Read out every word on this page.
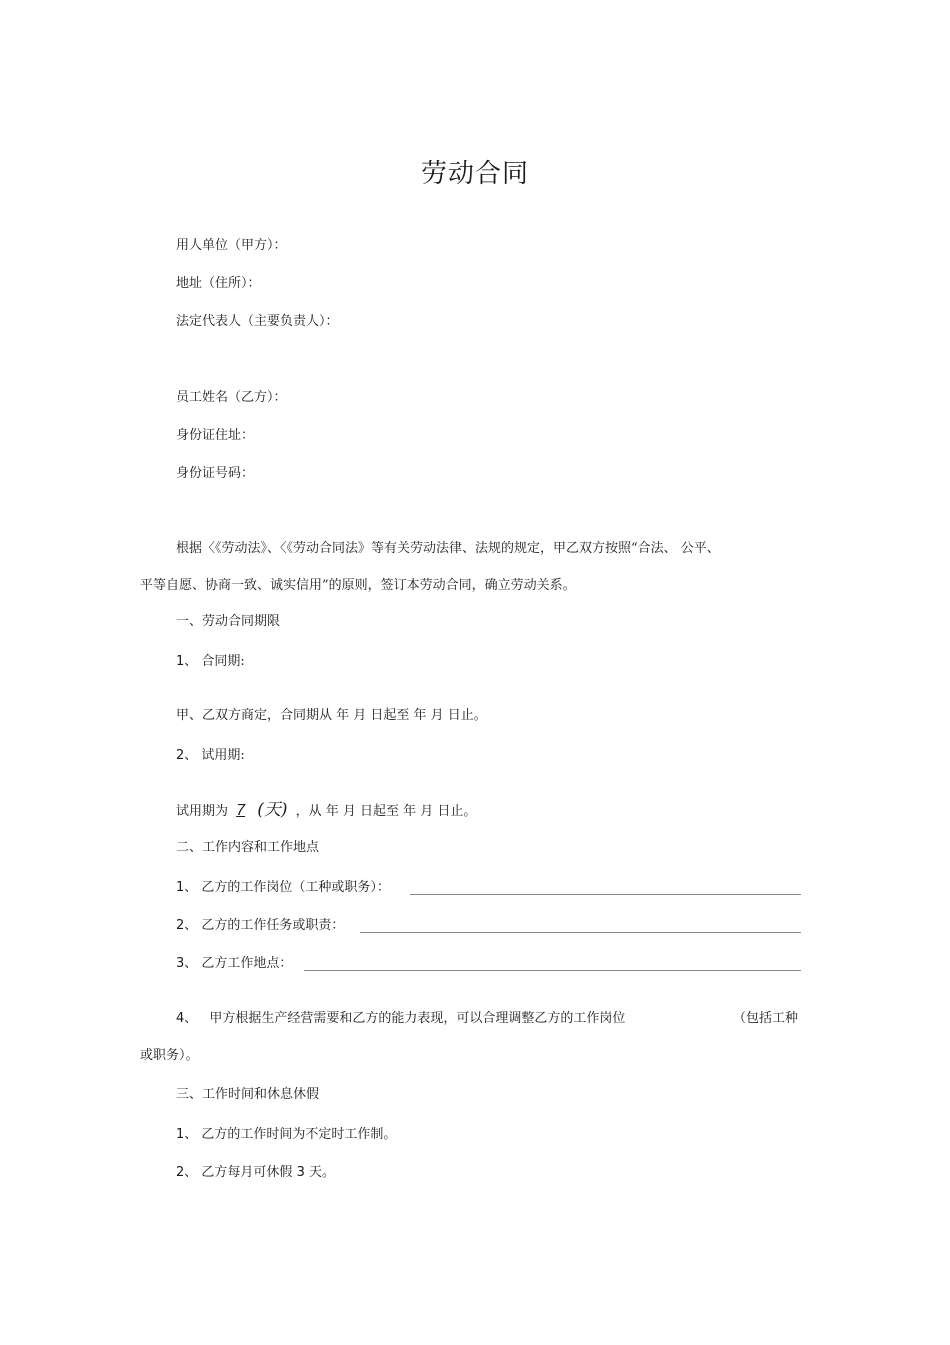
劳动合同
用人单位（甲方）：
地址（住所）：
法定代表人（主要负责人）：
员工姓名（乙方）：
身份证住址：
身份证号码：
根据〈《劳动法》、〈《劳动合同法》等有关劳动法律、法规的规定，甲乙双方按照“合法、 公平、
平等自愿、协商一致、诚实信用”的原则，签订本劳动合同，确立劳动关系。
一、劳动合同期限
1、 合同期:
甲、乙双方商定，合同期从 年 月 日起至 年 月 日止。
2、 试用期:
试用期为 7 (天) ，从 年 月 日起至 年 月 日止。
二、工作内容和工作地点
1、 乙方的工作岗位（工种或职务）：
2、 乙方的工作任务或职责：
3、 乙方工作地点：
4、 甲方根据生产经营需要和乙方的能力表现，可以合理调整乙方的工作岗位	（包括工种
或职务）。
三、工作时间和休息休假
1、 乙方的工作时间为不定时工作制。
2、 乙方每月可休假 3 天。
